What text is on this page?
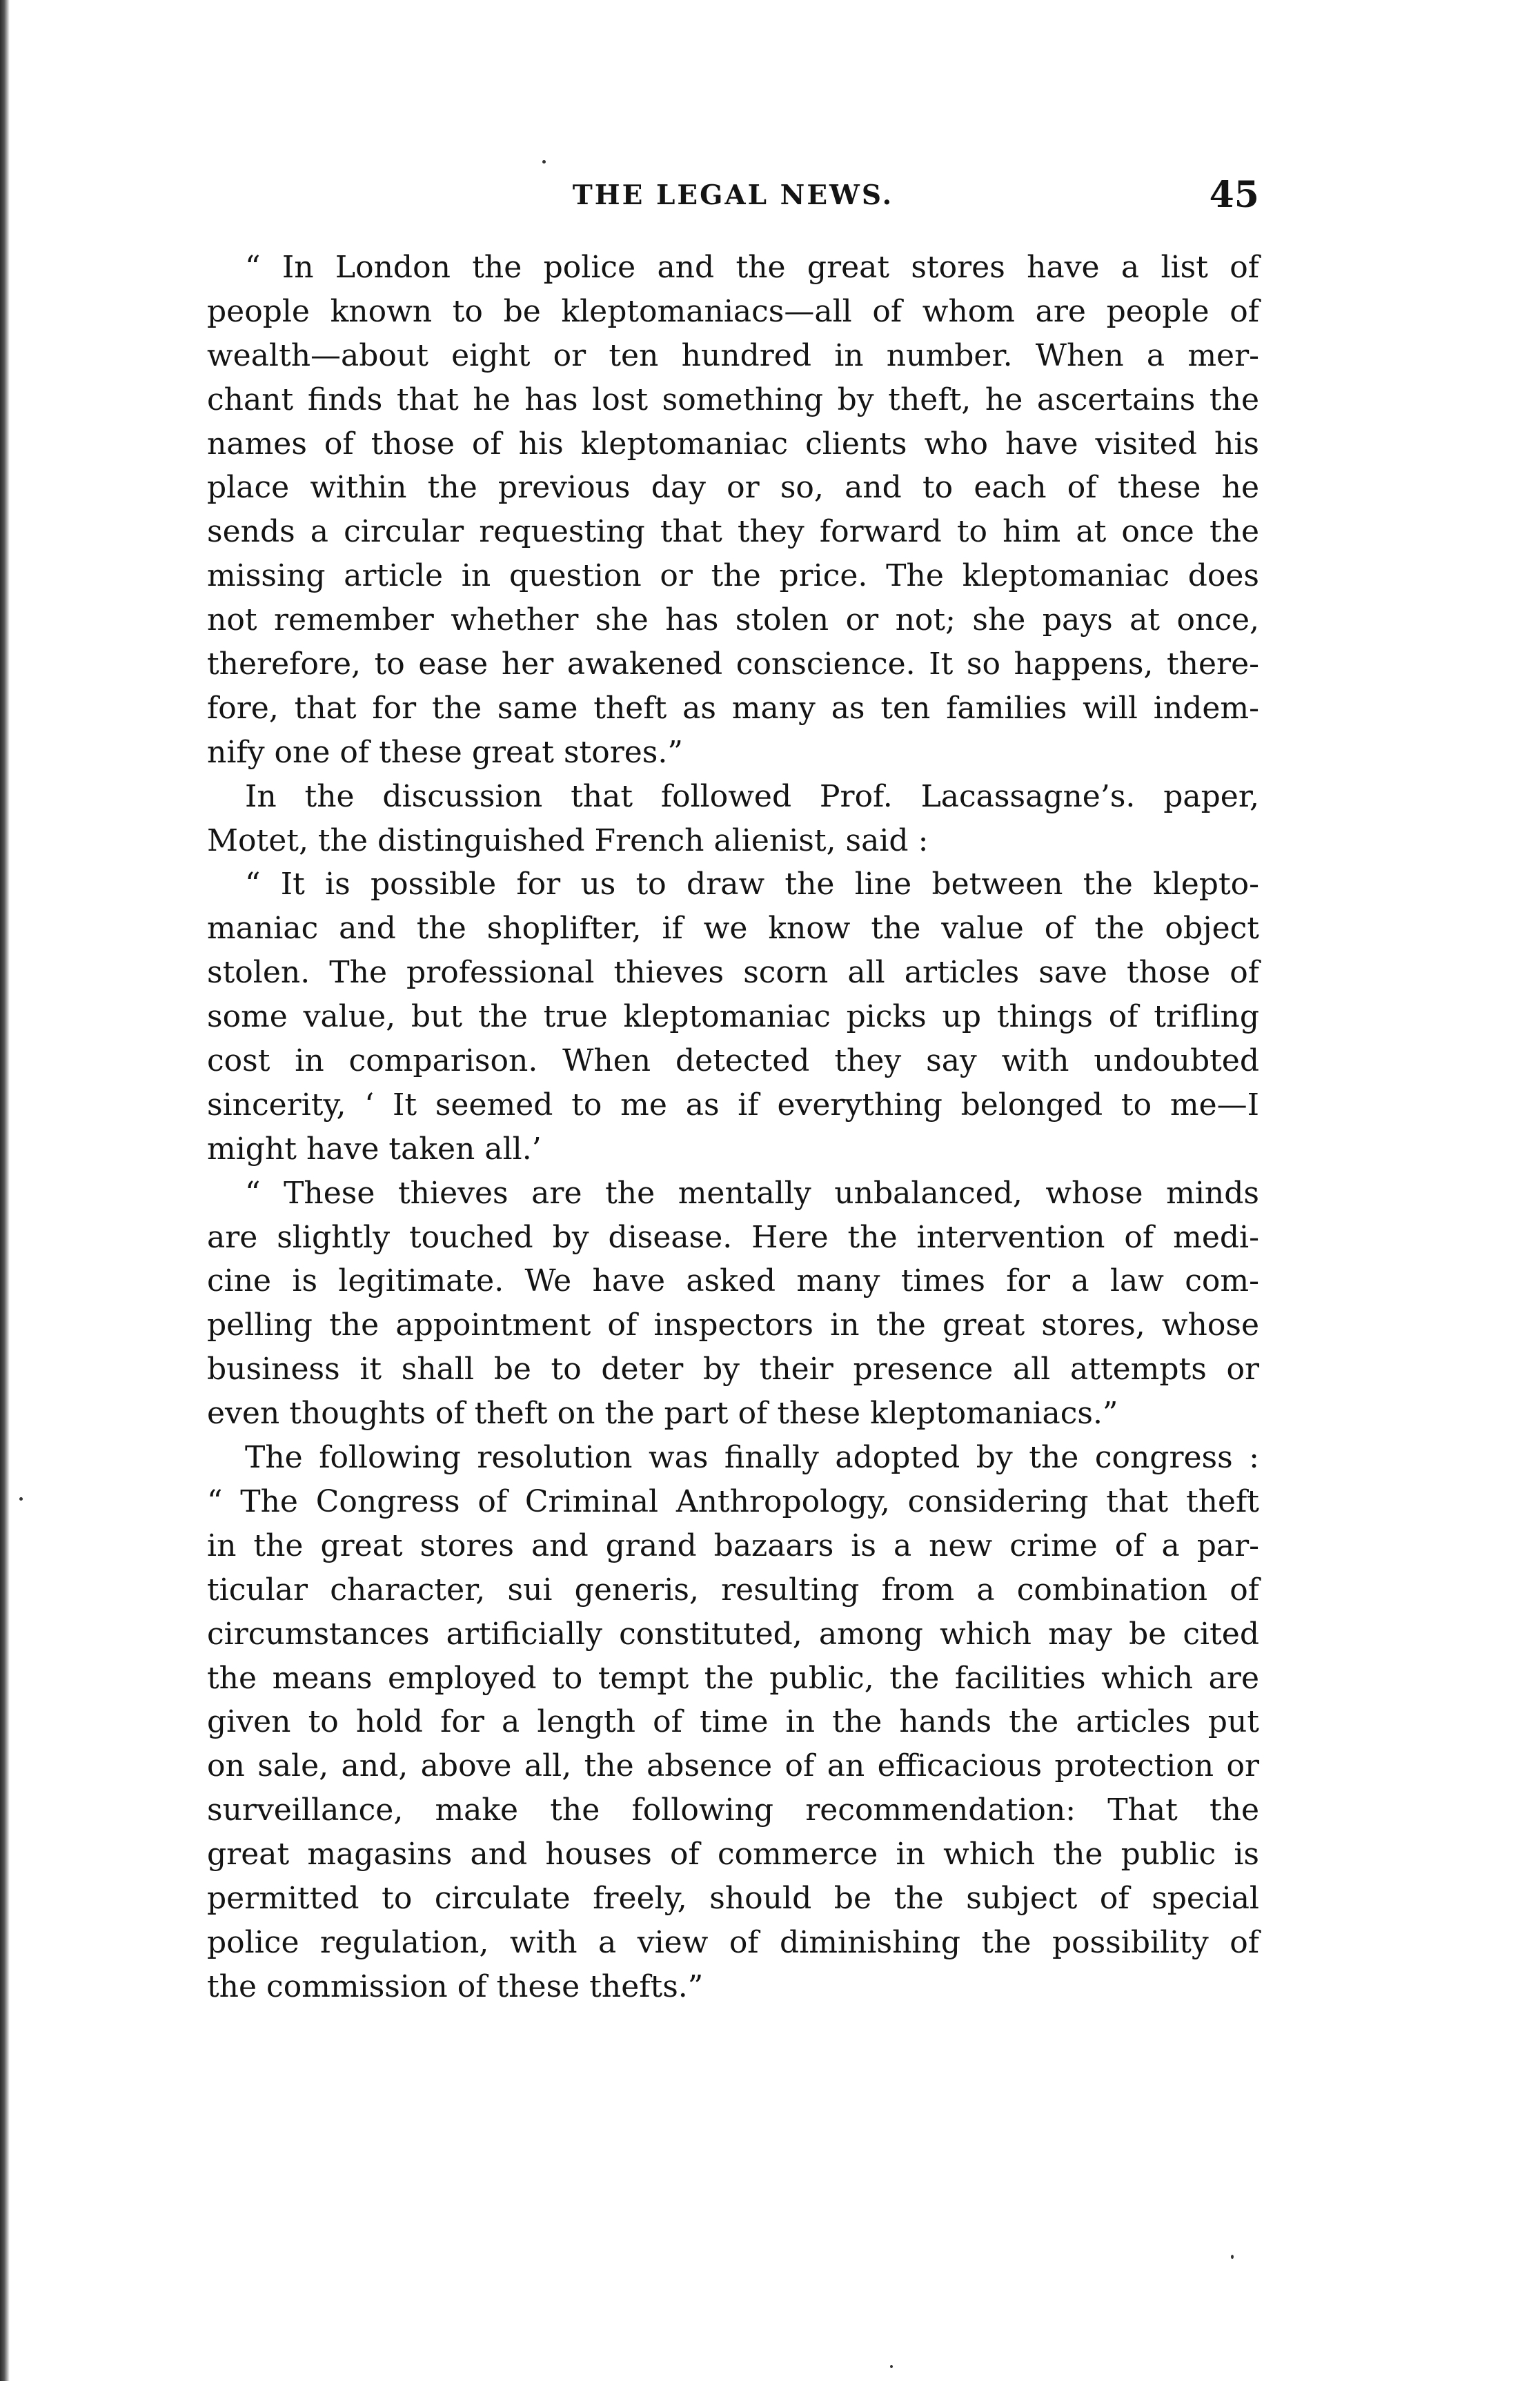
THE LEGAL NEWS.	45
“ In London the police and the great stores have a list of
people known to be kleptomaniacs—all of whom are people of
wealth—about eight or ten hundred in number. When a mer-
chant finds that he has lost something by theft, he ascertains the
names of those of his kleptomaniac clients who have visited his
place within the previous day or so, and to each of these he
sends a circular requesting that they forward to him at once the
missing article in question or the price. The kleptomaniac does
not remember whether she has stolen or not; she pays at once,
therefore, to ease her awakened conscience. It so happens, there-
fore, that for the same theft as many as ten families will indem-
nify one of these great stores.”
In the discussion that followed Prof. Lacassagne’s. paper,
Motet, the distinguished French alienist, said :
“ It is possible for us to draw the line between the klepto-
maniac and the shoplifter, if we know the value of the object
stolen. The professional thieves scorn all articles save those of
some value, but the true kleptomaniac picks up things of trifling
cost in comparison. When detected they say with undoubted
sincerity, ‘ It seemed to me as if everything belonged to me—I
might have taken all.’
“ These thieves are the mentally unbalanced, whose minds
are slightly touched by disease. Here the intervention of medi-
cine is legitimate. We have asked many times for a law com-
pelling the appointment of inspectors in the great stores, whose
business it shall be to deter by their presence all attempts or
even thoughts of theft on the part of these kleptomaniacs.”
The following resolution was finally adopted by the congress :
“ The Congress of Criminal Anthropology, considering that theft
in the great stores and grand bazaars is a new crime of a par-
ticular character, sui generis, resulting from a combination of
circumstances artificially constituted, among which may be cited
the means employed to tempt the public, the facilities which are
given to hold for a length of time in the hands the articles put
on sale, and, above all, the absence of an efficacious protection or
surveillance, make the following recommendation: That the
great magasins and houses of commerce in which the public is
permitted to circulate freely, should be the subject of special
police regulation, with a view of diminishing the possibility of
the commission of these thefts.”
